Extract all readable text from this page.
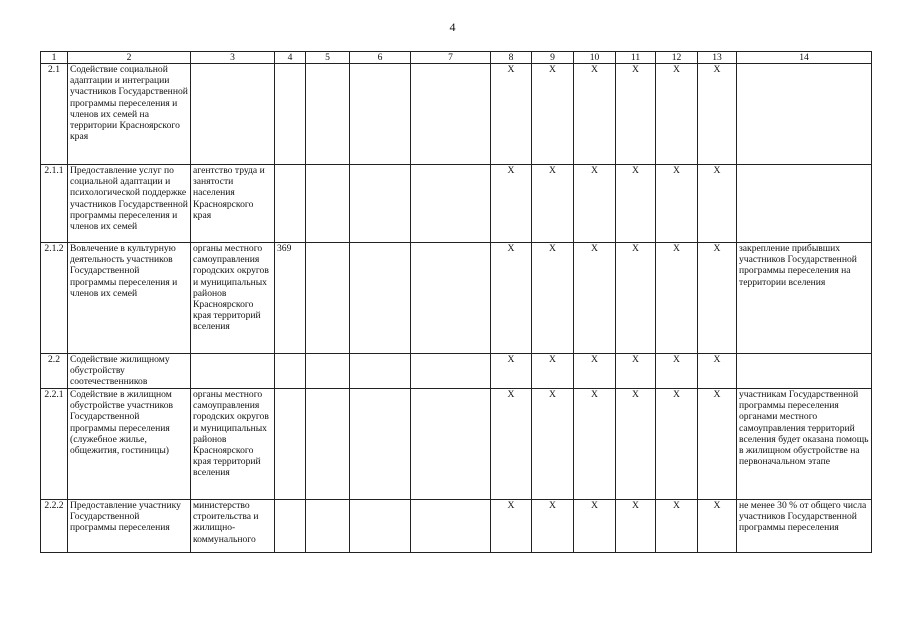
4
1	2	3	4	5	6	7	8	9	10	11	12	13	14
2.1	Содействие социальной адаптации и интеграции участников Государственной программы переселения и членов их семей на территории Красноярского края						X	X	X	X	X	X	
2.1.1	Предоставление услуг по социальной адаптации и психологической поддержке участников Государственной программы переселения и членов их семей	агентство труда и занятости населения Красноярского края					X	X	X	X	X	X	
2.1.2	Вовлечение в культурную деятельность участников Государственной программы переселения и членов их семей	органы местного самоуправления городских округов и муниципальных районов Красноярского края территорий вселения	369				X	X	X	X	X	X	закрепление прибывших участников Государственной программы переселения на территории вселения
2.2	Содействие жилищному обустройству соотечественников						X	X	X	X	X	X	
2.2.1	Содействие в жилищном обустройстве участников Государственной программы переселения (служебное жилье, общежития, гостиницы)	органы местного самоуправления городских округов и муниципальных районов Красноярского края территорий вселения					X	X	X	X	X	X	участникам Государственной программы переселения органами местного самоуправления территорий вселения будет оказана помощь в жилищном обустройстве на первоначальном этапе
2.2.2	Предоставление участнику Государственной программы переселения	министерство строительства и жилищно-коммунального					X	X	X	X	X	X	не менее 30 % от общего числа участников Государственной программы переселения
